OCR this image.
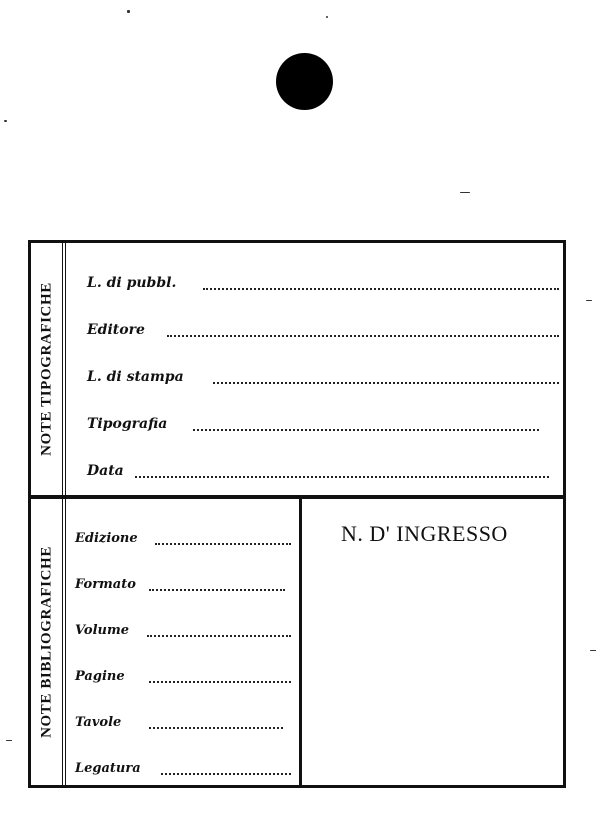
NOTE TIPOGRAFICHE L. di pubbl.
Editore
L. di stampa
Tipografia
Data
NOTE BIBLIOGRAFICHE
Edizione
Formato
Volume
Pagine
Tavole
Legatura
N. D' INGRESSO
